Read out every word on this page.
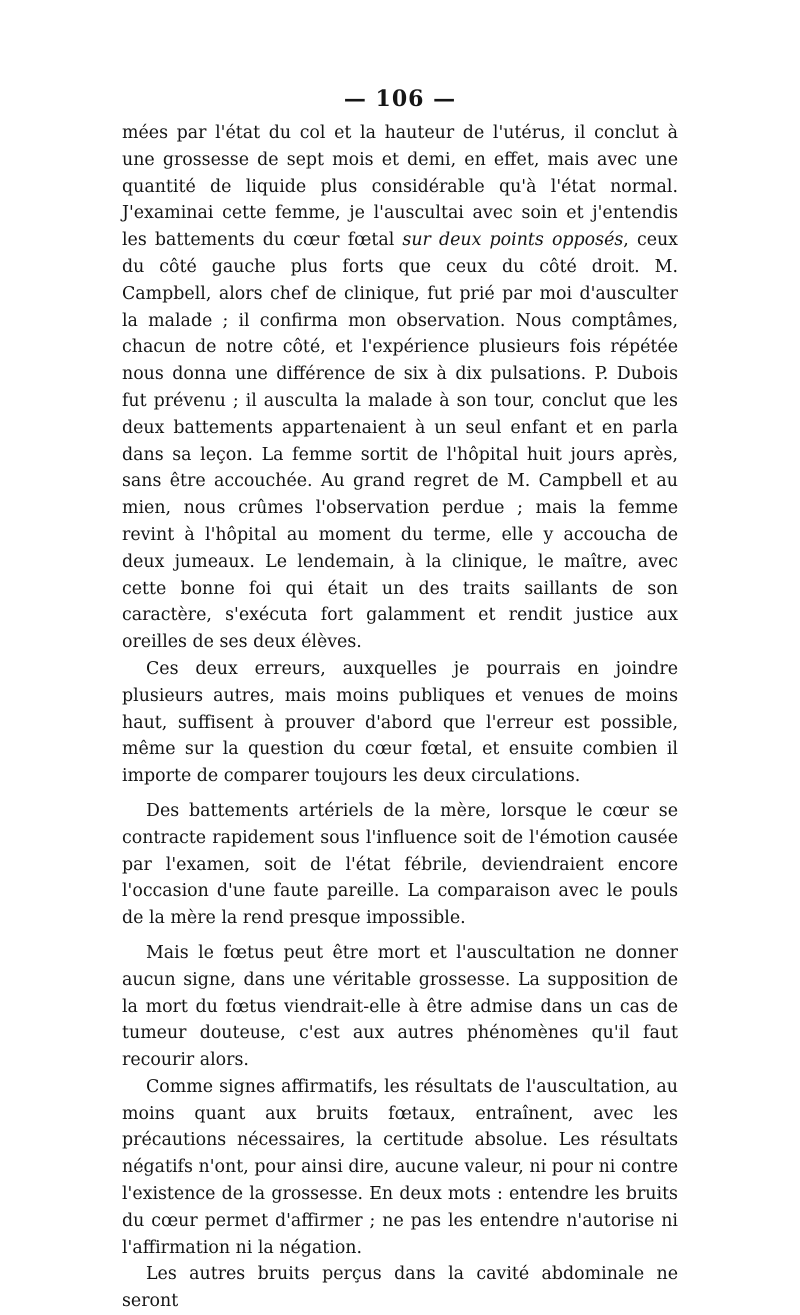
— 106 —

mées par l'état du col et la hauteur de l'utérus, il conclut à une grossesse de sept mois et demi, en effet, mais avec une quantité de liquide plus considérable qu'à l'état normal. J'examinai cette femme, je l'auscultai avec soin et j'entendis les battements du cœur fœtal sur deux points opposés, ceux du côté gauche plus forts que ceux du côté droit. M. Campbell, alors chef de clinique, fut prié par moi d'ausculter la malade ; il confirma mon observation. Nous comptâmes, chacun de notre côté, et l'expérience plusieurs fois répétée nous donna une différence de six à dix pulsations. P. Dubois fut prévenu ; il ausculta la malade à son tour, conclut que les deux battements appartenaient à un seul enfant et en parla dans sa leçon. La femme sortit de l'hôpital huit jours après, sans être accouchée. Au grand regret de M. Campbell et au mien, nous crûmes l'observation perdue ; mais la femme revint à l'hôpital au moment du terme, elle y accoucha de deux jumeaux. Le lendemain, à la clinique, le maître, avec cette bonne foi qui était un des traits saillants de son caractère, s'exécuta fort galamment et rendit justice aux oreilles de ses deux élèves.

Ces deux erreurs, auxquelles je pourrais en joindre plusieurs autres, mais moins publiques et venues de moins haut, suffisent à prouver d'abord que l'erreur est possible, même sur la question du cœur fœtal, et ensuite combien il importe de comparer toujours les deux circulations.

Des battements artériels de la mère, lorsque le cœur se contracte rapidement sous l'influence soit de l'émotion causée par l'examen, soit de l'état fébrile, deviendraient encore l'occasion d'une faute pareille. La comparaison avec le pouls de la mère la rend presque impossible.

Mais le fœtus peut être mort et l'auscultation ne donner aucun signe, dans une véritable grossesse. La supposition de la mort du fœtus viendrait-elle à être admise dans un cas de tumeur douteuse, c'est aux autres phénomènes qu'il faut recourir alors.

Comme signes affirmatifs, les résultats de l'auscultation, au moins quant aux bruits fœtaux, entraînent, avec les précautions nécessaires, la certitude absolue. Les résultats négatifs n'ont, pour ainsi dire, aucune valeur, ni pour ni contre l'existence de la grossesse. En deux mots : entendre les bruits du cœur permet d'affirmer ; ne pas les entendre n'autorise ni l'affirmation ni la négation.

Les autres bruits perçus dans la cavité abdominale ne seront
